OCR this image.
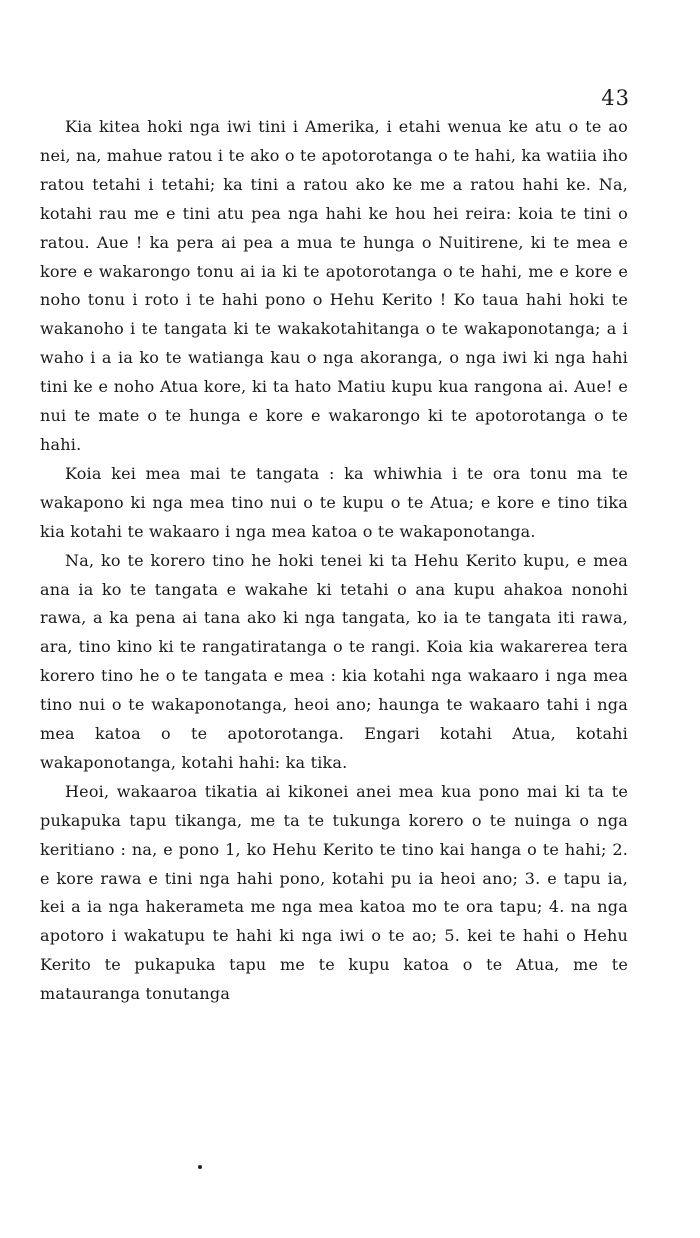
43

Kia kitea hoki nga iwi tini i Amerika, i etahi wenua ke atu o te ao nei, na, mahue ratou i te ako o te apotorotanga o te hahi, ka watiia iho ratou tetahi i tetahi; ka tini a ratou ako ke me a ratou hahi ke. Na, kotahi rau me e tini atu pea nga hahi ke hou hei reira: koia te tini o ratou. Aue ! ka pera ai pea a mua te hunga o Nuitirene, ki te mea e kore e wakarongo tonu ai ia ki te apotorotanga o te hahi, me e kore e noho tonu i roto i te hahi pono o Hehu Kerito ! Ko taua hahi hoki te wakanoho i te tangata ki te wakakotahitanga o te wakaponotanga; a i waho i a ia ko te watianga kau o nga akoranga, o nga iwi ki nga hahi tini ke e noho Atua kore, ki ta hato Matiu kupu kua rangona ai. Aue! e nui te mate o te hunga e kore e wakarongo ki te apotorotanga o te hahi.

Koia kei mea mai te tangata : ka whiwhia i te ora tonu ma te wakapono ki nga mea tino nui o te kupu o te Atua; e kore e tino tika kia kotahi te wakaaro i nga mea katoa o te wakaponotanga.

Na, ko te korero tino he hoki tenei ki ta Hehu Kerito kupu, e mea ana ia ko te tangata e wakahe ki tetahi o ana kupu ahakoa nonohi rawa, a ka pena ai tana ako ki nga tangata, ko ia te tangata iti rawa, ara, tino kino ki te rangatiratanga o te rangi. Koia kia wakarerea tera korero tino he o te tangata e mea : kia kotahi nga wakaaro i nga mea tino nui o te wakaponotanga, heoi ano; haunga te wakaaro tahi i nga mea katoa o te apotorotanga. Engari kotahi Atua, kotahi wakaponotanga, kotahi hahi: ka tika.

Heoi, wakaaroa tikatia ai kikonei anei mea kua pono mai ki ta te pukapuka tapu tikanga, me ta te tukunga korero o te nuinga o nga keritiano : na, e pono 1, ko Hehu Kerito te tino kai hanga o te hahi; 2. e kore rawa e tini nga hahi pono, kotahi pu ia heoi ano; 3. e tapu ia, kei a ia nga hakerameta me nga mea katoa mo te ora tapu; 4. na nga apotoro i wakatupu te hahi ki nga iwi o te ao; 5. kei te hahi o Hehu Kerito te pukapuka tapu me te kupu katoa o te Atua, me te matauranga tonutanga
